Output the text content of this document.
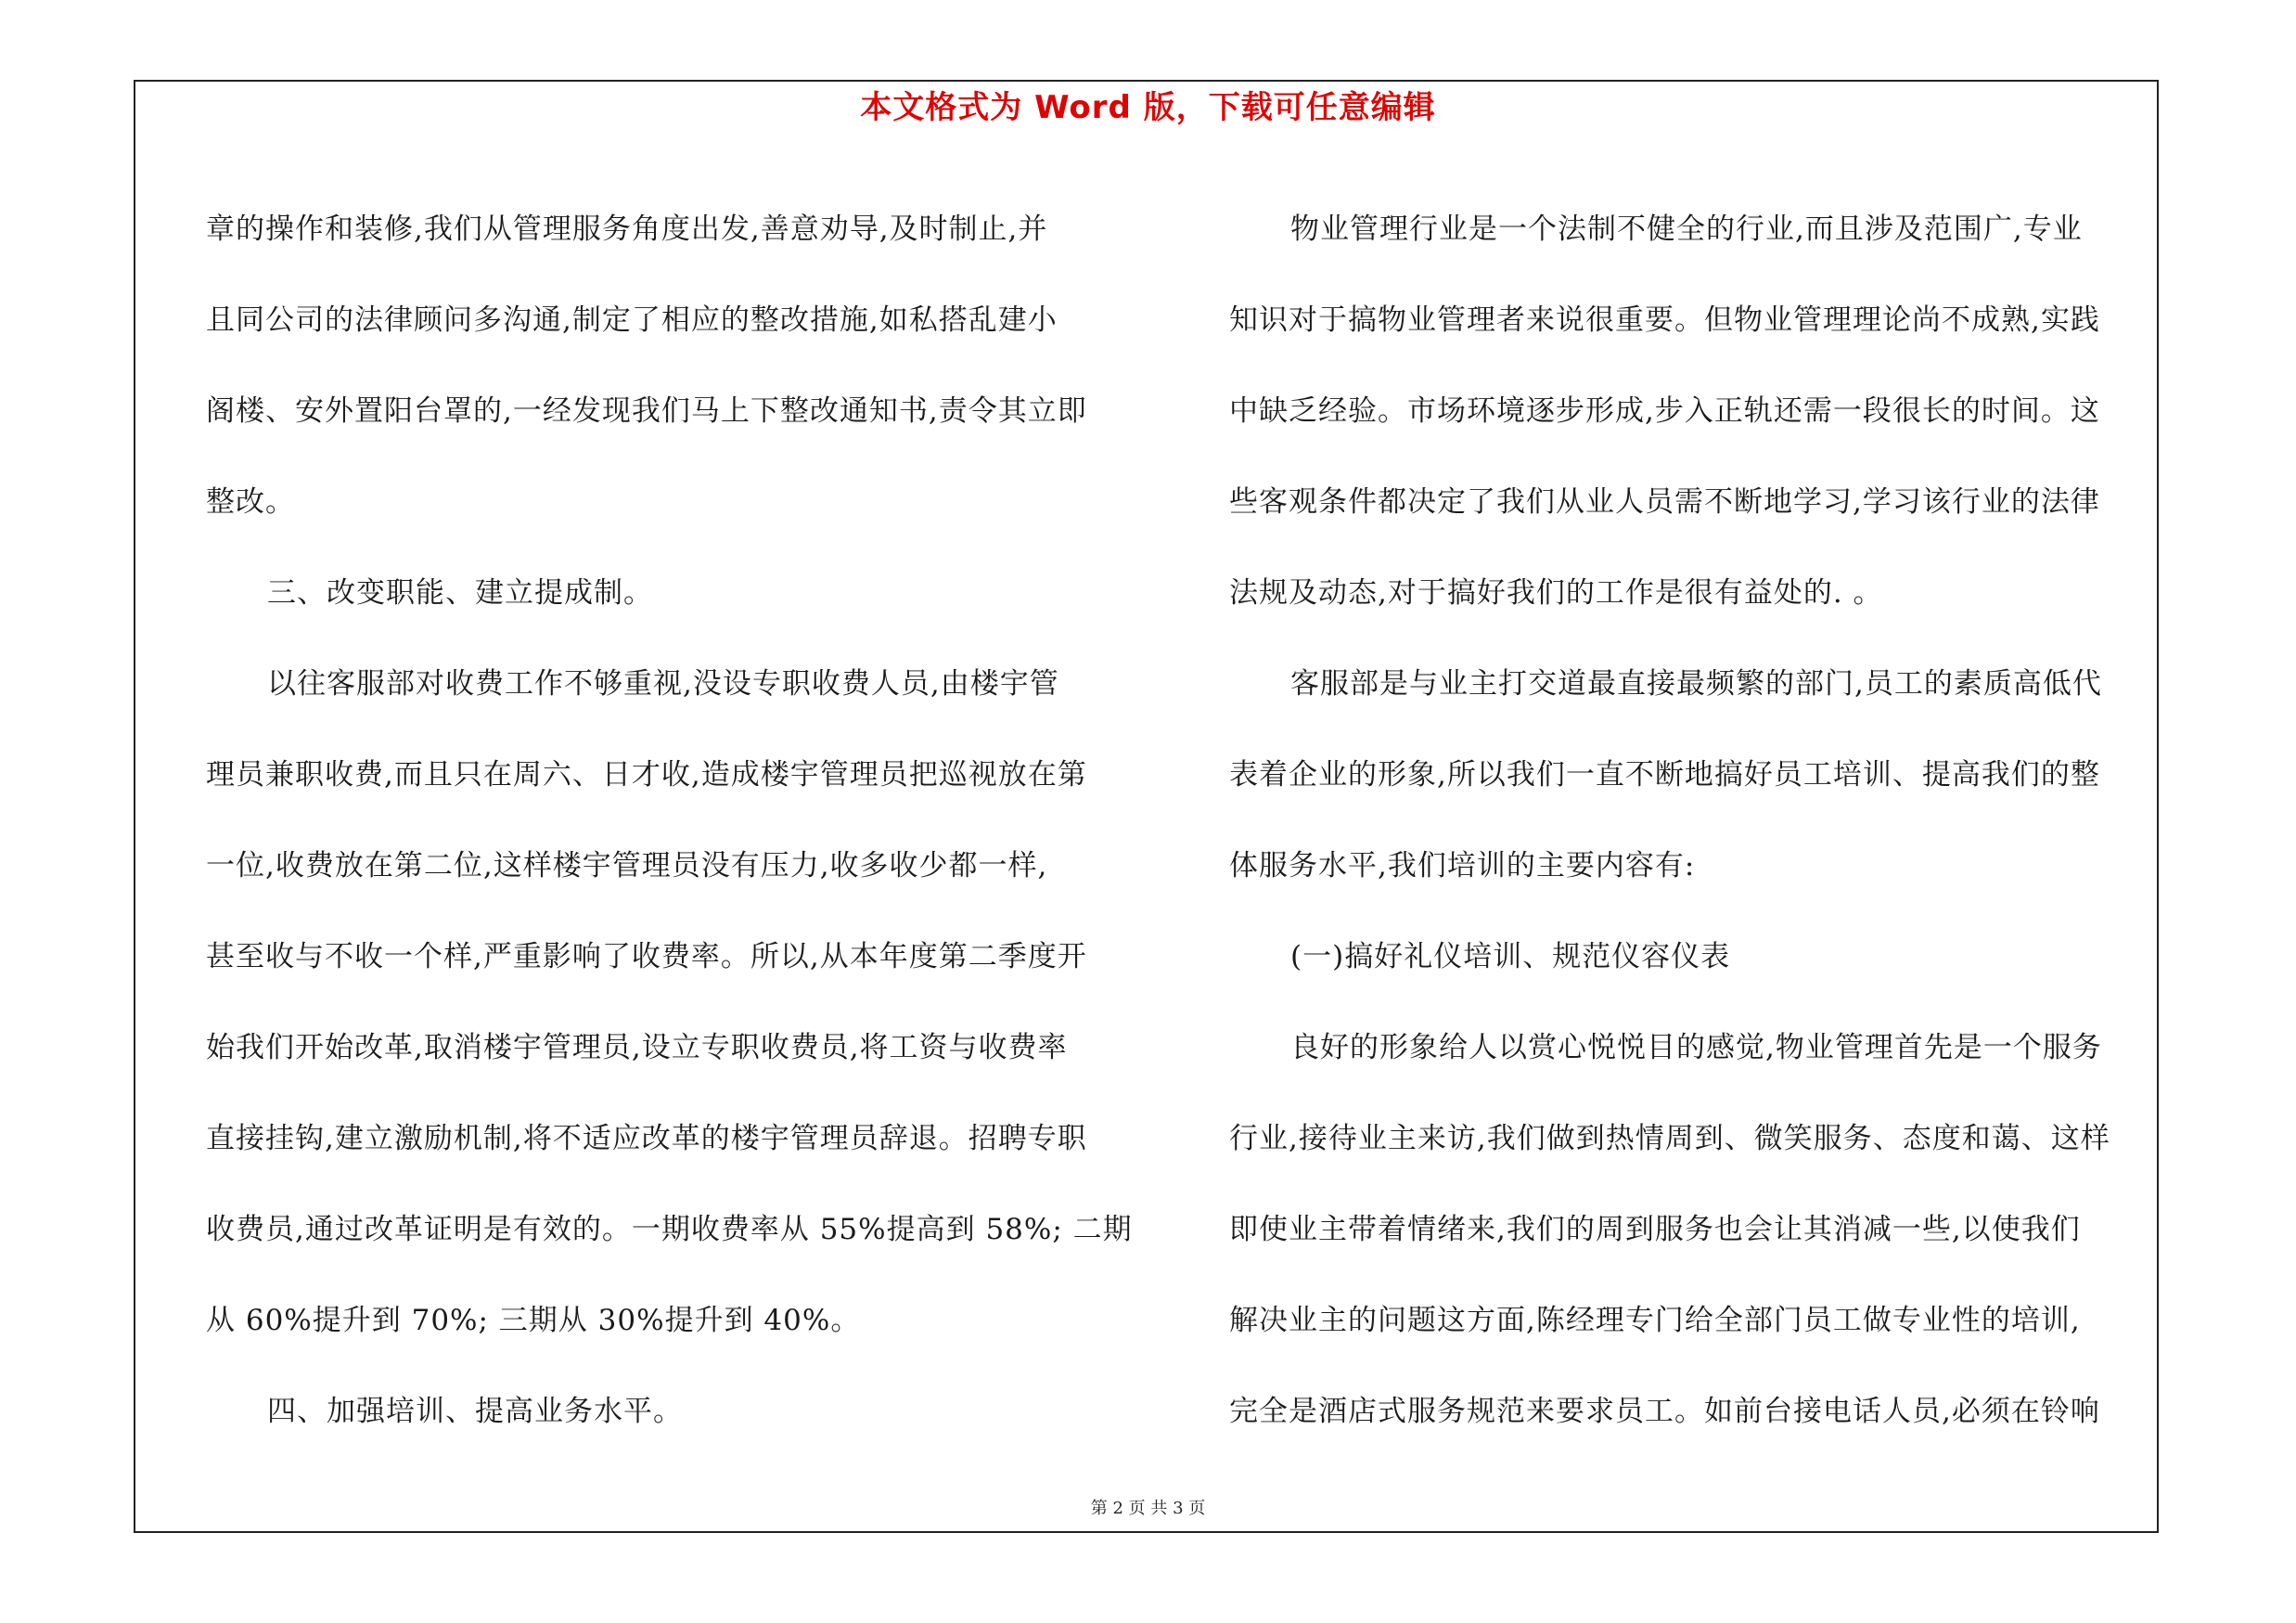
本文格式为 Word 版，下载可任意编辑

章的操作和装修,我们从管理服务角度出发,善意劝导,及时制止,并

且同公司的法律顾问多沟通,制定了相应的整改措施,如私搭乱建小

阁楼、安外置阳台罩的,一经发现我们马上下整改通知书,责令其立即

整改。

三、改变职能、建立提成制。

以往客服部对收费工作不够重视,没设专职收费人员,由楼宇管

理员兼职收费,而且只在周六、日才收,造成楼宇管理员把巡视放在第

一位,收费放在第二位,这样楼宇管理员没有压力,收多收少都一样,

甚至收与不收一个样,严重影响了收费率。所以,从本年度第二季度开

始我们开始改革,取消楼宇管理员,设立专职收费员,将工资与收费率

直接挂钩,建立激励机制,将不适应改革的楼宇管理员辞退。招聘专职

收费员,通过改革证明是有效的。一期收费率从 55%提高到 58%; 二期

从 60%提升到 70%; 三期从 30%提升到 40%。

四、加强培训、提高业务水平。

物业管理行业是一个法制不健全的行业,而且涉及范围广,专业

知识对于搞物业管理者来说很重要。但物业管理理论尚不成熟,实践

中缺乏经验。市场环境逐步形成,步入正轨还需一段很长的时间。这

些客观条件都决定了我们从业人员需不断地学习,学习该行业的法律

法规及动态,对于搞好我们的工作是很有益处的. 。

客服部是与业主打交道最直接最频繁的部门,员工的素质高低代

表着企业的形象,所以我们一直不断地搞好员工培训、提高我们的整

体服务水平,我们培训的主要内容有:

(一)搞好礼仪培训、规范仪容仪表

良好的形象给人以赏心悦悦目的感觉,物业管理首先是一个服务

行业,接待业主来访,我们做到热情周到、微笑服务、态度和蔼、这样

即使业主带着情绪来,我们的周到服务也会让其消减一些,以使我们

解决业主的问题这方面,陈经理专门给全部门员工做专业性的培训,

完全是酒店式服务规范来要求员工。如前台接电话人员,必须在铃响

第 2 页 共 3 页
